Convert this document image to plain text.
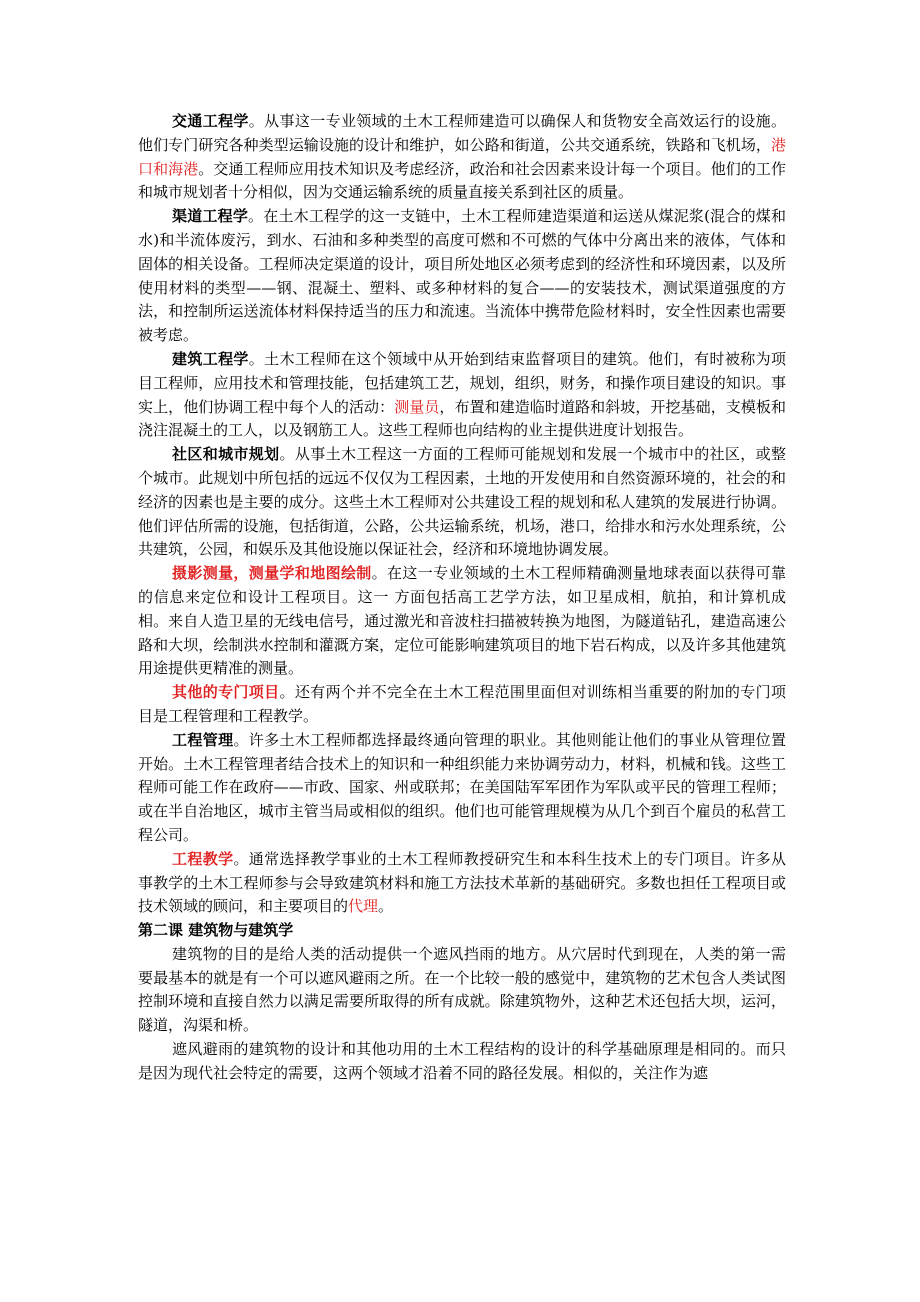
交通工程学。从事这一专业领域的土木工程师建造可以确保人和货物安全高效运行的设施。他们专门研究各种类型运输设施的设计和维护，如公路和街道，公共交通系统，铁路和飞机场，港口和海港。交通工程师应用技术知识及考虑经济，政治和社会因素来设计每一个项目。他们的工作和城市规划者十分相似，因为交通运输系统的质量直接关系到社区的质量。

渠道工程学。在土木工程学的这一支链中，土木工程师建造渠道和运送从煤泥浆(混合的煤和水)和半流体废污，到水、石油和多种类型的高度可燃和不可燃的气体中分离出来的液体，气体和固体的相关设备。工程师决定渠道的设计，项目所处地区必须考虑到的经济性和环境因素，以及所使用材料的类型——钢、混凝土、塑料、或多种材料的复合——的安装技术，测试渠道强度的方法，和控制所运送流体材料保持适当的压力和流速。当流体中携带危险材料时，安全性因素也需要被考虑。

建筑工程学。土木工程师在这个领域中从开始到结束监督项目的建筑。他们，有时被称为项目工程师，应用技术和管理技能，包括建筑工艺，规划，组织，财务，和操作项目建设的知识。事实上，他们协调工程中每个人的活动：测量员，布置和建造临时道路和斜坡，开挖基础，支模板和浇注混凝土的工人，以及钢筋工人。这些工程师也向结构的业主提供进度计划报告。

社区和城市规划。从事土木工程这一方面的工程师可能规划和发展一个城市中的社区，或整个城市。此规划中所包括的远远不仅仅为工程因素，土地的开发使用和自然资源环境的，社会的和经济的因素也是主要的成分。这些土木工程师对公共建设工程的规划和私人建筑的发展进行协调。他们评估所需的设施，包括街道，公路，公共运输系统，机场，港口，给排水和污水处理系统，公共建筑，公园，和娱乐及其他设施以保证社会，经济和环境地协调发展。

摄影测量，测量学和地图绘制。在这一专业领域的土木工程师精确测量地球表面以获得可靠的信息来定位和设计工程项目。这一 方面包括高工艺学方法，如卫星成相，航拍，和计算机成相。来自人造卫星的无线电信号，通过激光和音波柱扫描被转换为地图，为隧道钻孔，建造高速公路和大坝，绘制洪水控制和灌溉方案，定位可能影响建筑项目的地下岩石构成，以及许多其他建筑用途提供更精准的测量。

其他的专门项目。还有两个并不完全在土木工程范围里面但对训练相当重要的附加的专门项目是工程管理和工程教学。

工程管理。许多土木工程师都选择最终通向管理的职业。其他则能让他们的事业从管理位置开始。土木工程管理者结合技术上的知识和一种组织能力来协调劳动力，材料，机械和钱。这些工程师可能工作在政府——市政、国家、州或联邦；在美国陆军军团作为军队或平民的管理工程师；或在半自治地区，城市主管当局或相似的组织。他们也可能管理规模为从几个到百个雇员的私营工程公司。

工程教学。通常选择教学事业的土木工程师教授研究生和本科生技术上的专门项目。许多从事教学的土木工程师参与会导致建筑材料和施工方法技术革新的基础研究。多数也担任工程项目或技术领域的顾问，和主要项目的代理。

第二课 建筑物与建筑学

建筑物的目的是给人类的活动提供一个遮风挡雨的地方。从穴居时代到现在，人类的第一需要最基本的就是有一个可以遮风避雨之所。在一个比较一般的感觉中，建筑物的艺术包含人类试图控制环境和直接自然力以满足需要所取得的所有成就。除建筑物外，这种艺术还包括大坝，运河，隧道，沟渠和桥。

遮风避雨的建筑物的设计和其他功用的土木工程结构的设计的科学基础原理是相同的。而只是因为现代社会特定的需要，这两个领域才沿着不同的路径发展。相似的，关注作为遮
